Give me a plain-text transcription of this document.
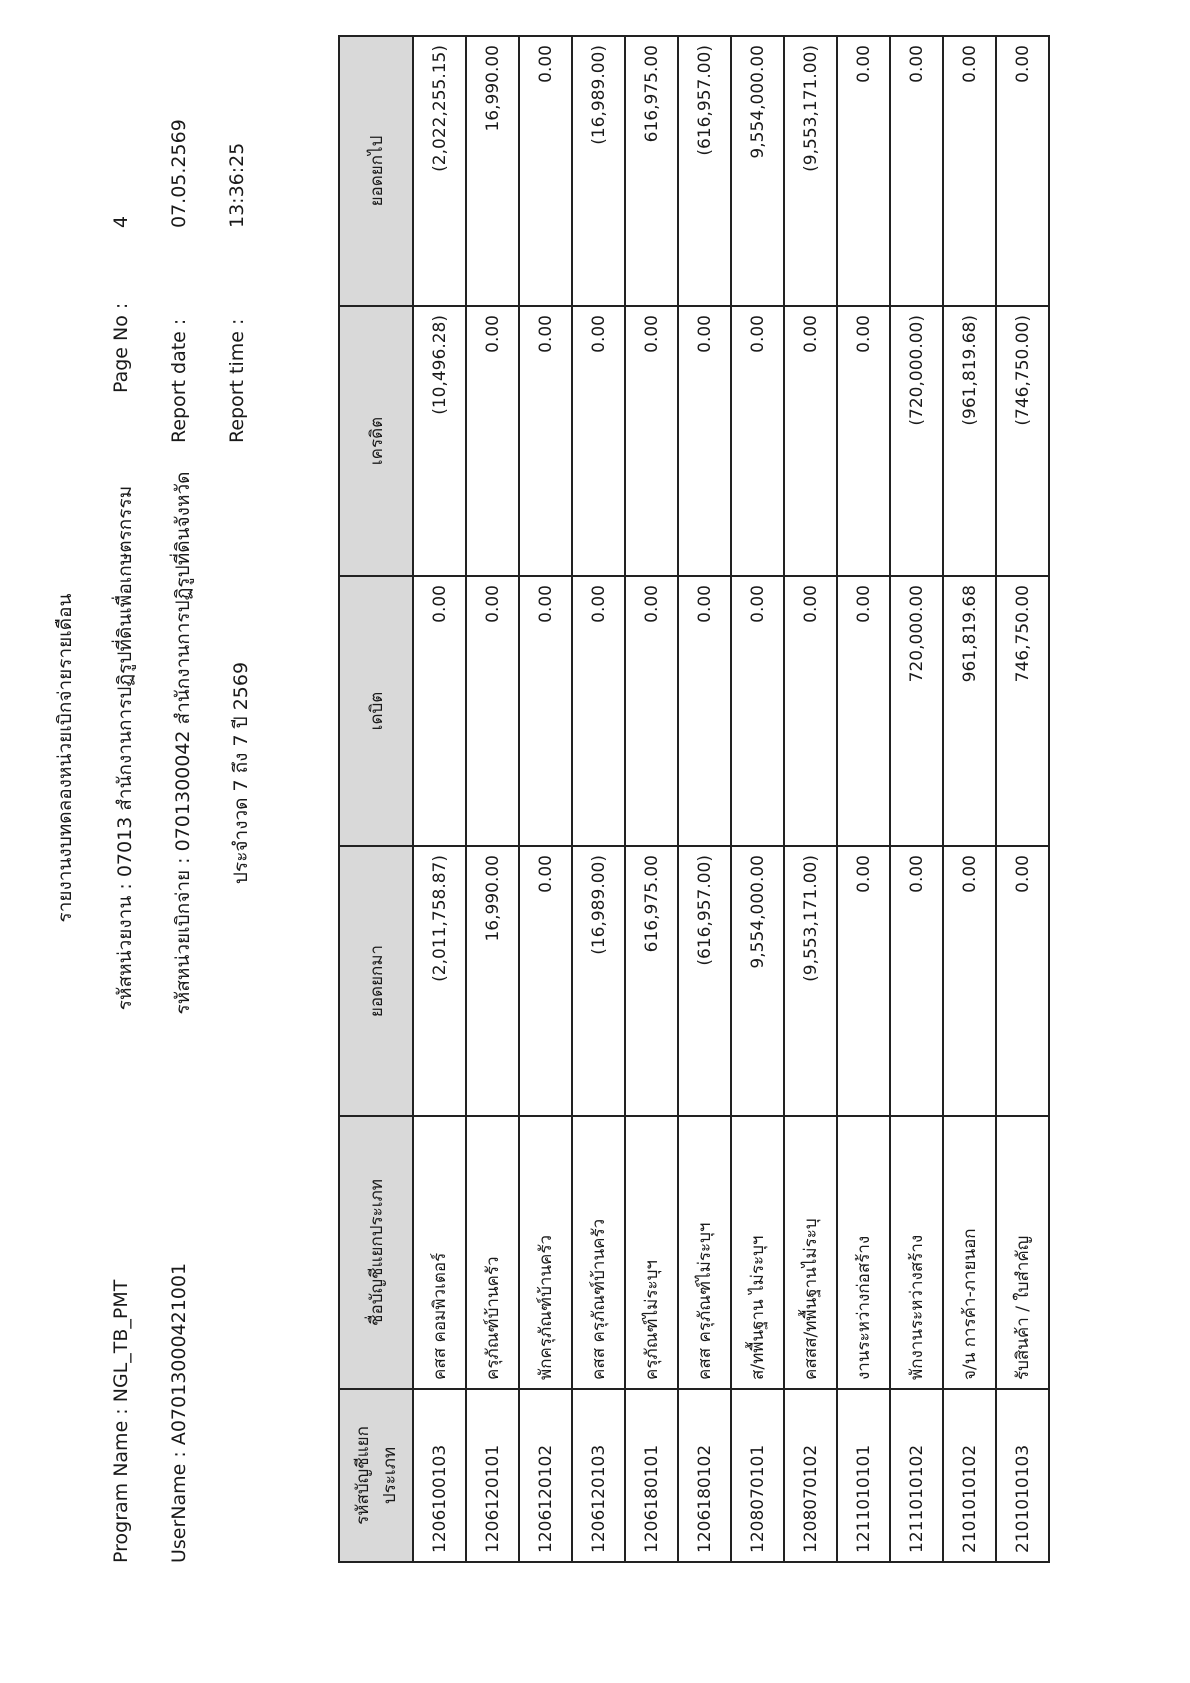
Program Name : NGL_TB_PMT UserName : A07013000421001
รายงานงบทดลองหน่วยเบิกจ่ายรายเดือน รหัสหน่วยงาน : 07013 สำนักงานการปฏิรูปที่ดินเพื่อเกษตรกรรม รหัสหน่วยเบิกจ่าย : 0701300042 สำนักงานการปฏิรูปที่ดินจังหวัด ประจำงวด 7 ถึง 7 ปี 2569
Page No :
4
Report date :
07.05.2569
Report time :
13:36:25
รหัสบัญชีแยกประเภท	ชื่อบัญชีแยกประเภท	ยอดยกมา	เดบิต	เครดิต	ยอดยกไป
1206100103	คสส คอมพิวเตอร์	(2,011,758.87)	0.00	(10,496.28)	(2,022,255.15)
1206120101	ครุภัณฑ์บ้านครัว	16,990.00	0.00	0.00	16,990.00
1206120102	พักครุภัณฑ์บ้านครัว	0.00	0.00	0.00	0.00
1206120103	คสส ครุภัณฑ์บ้านครัว	(16,989.00)	0.00	0.00	(16,989.00)
1206180101	ครุภัณฑ์ไม่ระบุฯ	616,975.00	0.00	0.00	616,975.00
1206180102	คสส ครุภัณฑ์ไม่ระบุฯ	(616,957.00)	0.00	0.00	(616,957.00)
1208070101	ส/ทพื้นฐาน ไม่ระบุฯ	9,554,000.00	0.00	0.00	9,554,000.00
1208070102	คสสส/ทพื้นฐานไม่ระบุ	(9,553,171.00)	0.00	0.00	(9,553,171.00)
1211010101	งานระหว่างก่อสร้าง	0.00	0.00	0.00	0.00
1211010102	พักงานระหว่างสร้าง	0.00	720,000.00	(720,000.00)	0.00
2101010102	จ/น การค้า-ภายนอก	0.00	961,819.68	(961,819.68)	0.00
2101010103	รับสินค้า / ใบสำคัญ	0.00	746,750.00	(746,750.00)	0.00
